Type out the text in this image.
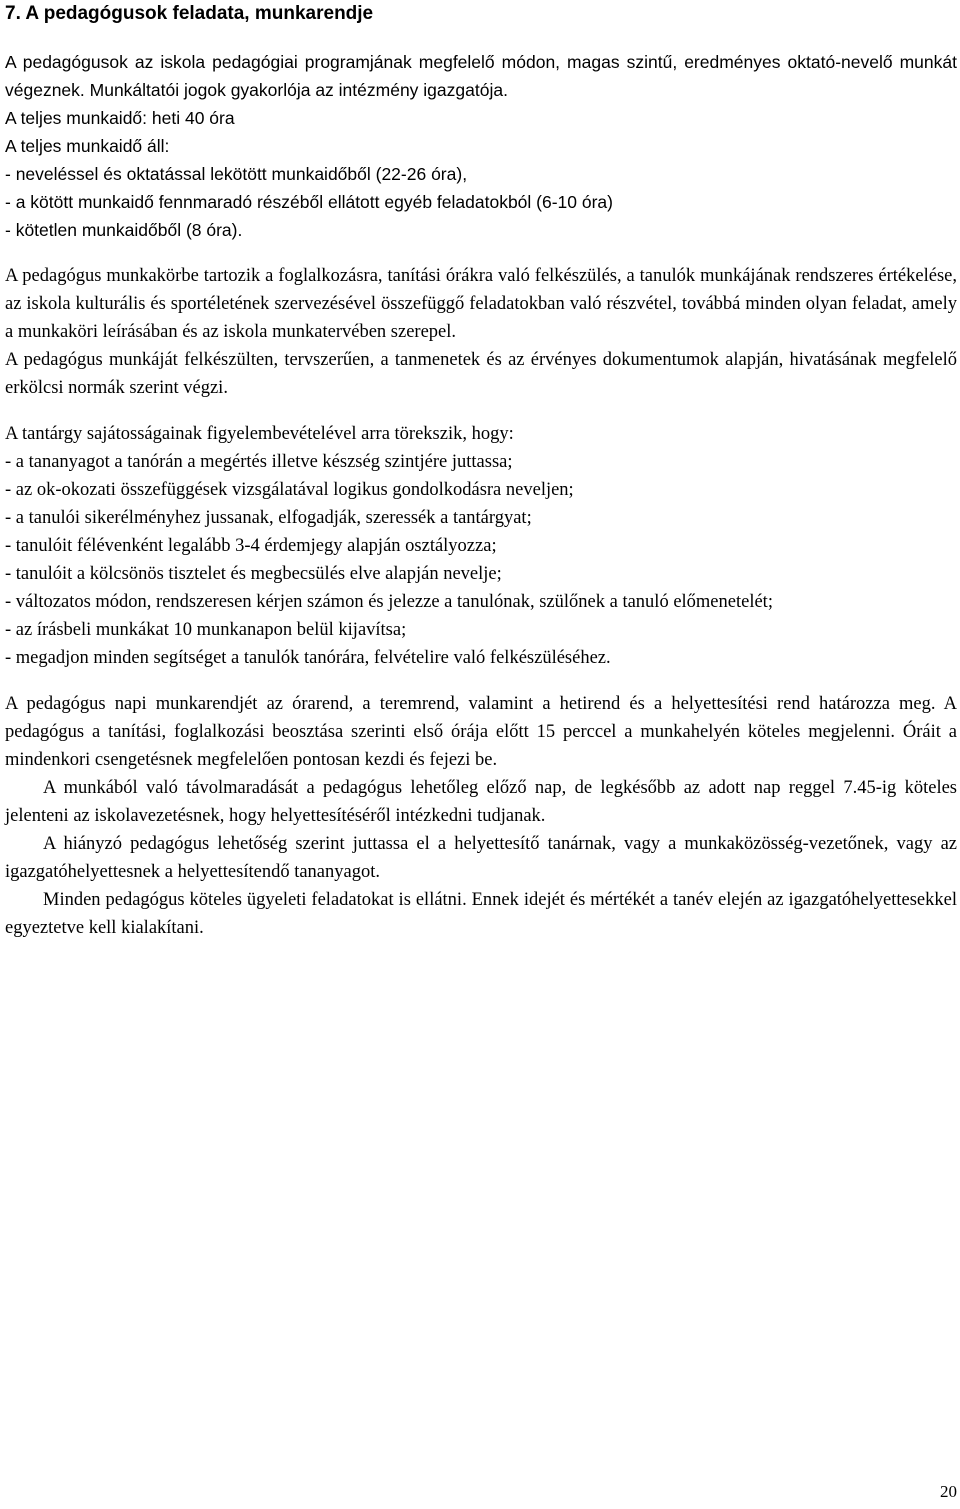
7. A pedagógusok feladata, munkarendje

A pedagógusok az iskola pedagógiai programjának megfelelő módon, magas szintű, eredményes oktató-nevelő munkát végeznek. Munkáltatói jogok gyakorlója az intézmény igazgatója.

A teljes munkaidő: heti 40 óra
A teljes munkaidő áll:
- neveléssel és oktatással lekötött munkaidőből (22-26 óra),
- a kötött munkaidő fennmaradó részéből ellátott egyéb feladatokból (6-10 óra)
- kötetlen munkaidőből (8 óra).

A pedagógus munkakörbe tartozik a foglalkozásra, tanítási órákra való felkészülés, a tanulók munkájának rendszeres értékelése, az iskola kulturális és sportéletének szervezésével összefüggő feladatokban való részvétel, továbbá minden olyan feladat, amely a munkaköri leírásában és az iskola munkatervében szerepel.

A pedagógus munkáját felkészülten, tervszerűen, a tanmenetek és az érvényes dokumentumok alapján, hivatásának megfelelő erkölcsi normák szerint végzi.

A tantárgy sajátosságainak figyelembevételével arra törekszik, hogy:
- a tananyagot a tanórán a megértés illetve készség szintjére juttassa;
- az ok-okozati összefüggések vizsgálatával logikus gondolkodásra neveljen;
- a tanulói sikerélményhez jussanak, elfogadják, szeressék a tantárgyat;
- tanulóit félévenként legalább 3-4 érdemjegy alapján osztályozza;
- tanulóit a kölcsönös tisztelet és megbecsülés elve alapján nevelje;
- változatos módon, rendszeresen kérjen számon és jelezze a tanulónak, szülőnek a tanuló előmenetelét;
- az írásbeli munkákat 10 munkanapon belül kijavítsa;
- megadjon minden segítséget a tanulók tanórára, felvételire való felkészüléséhez.

A pedagógus napi munkarendjét az órarend, a teremrend, valamint a hetirend és a helyettesítési rend határozza meg. A pedagógus a tanítási, foglalkozási beosztása szerinti első órája előtt 15 perccel a munkahelyén köteles megjelenni. Óráit a mindenkori csengetésnek megfelelően pontosan kezdi és fejezi be.

A munkából való távolmaradását a pedagógus lehetőleg előző nap, de legkésőbb az adott nap reggel 7.45-ig köteles jelenteni az iskolavezetésnek, hogy helyettesítéséről intézkedni tudjanak.

A hiányzó pedagógus lehetőség szerint juttassa el a helyettesítő tanárnak, vagy a munkaközösség-vezetőnek, vagy az igazgatóhelyettesnek a helyettesítendő tananyagot.

Minden pedagógus köteles ügyeleti feladatokat is ellátni. Ennek idejét és mértékét a tanév elején az igazgatóhelyettesekkel egyeztetve kell kialakítani.

20
